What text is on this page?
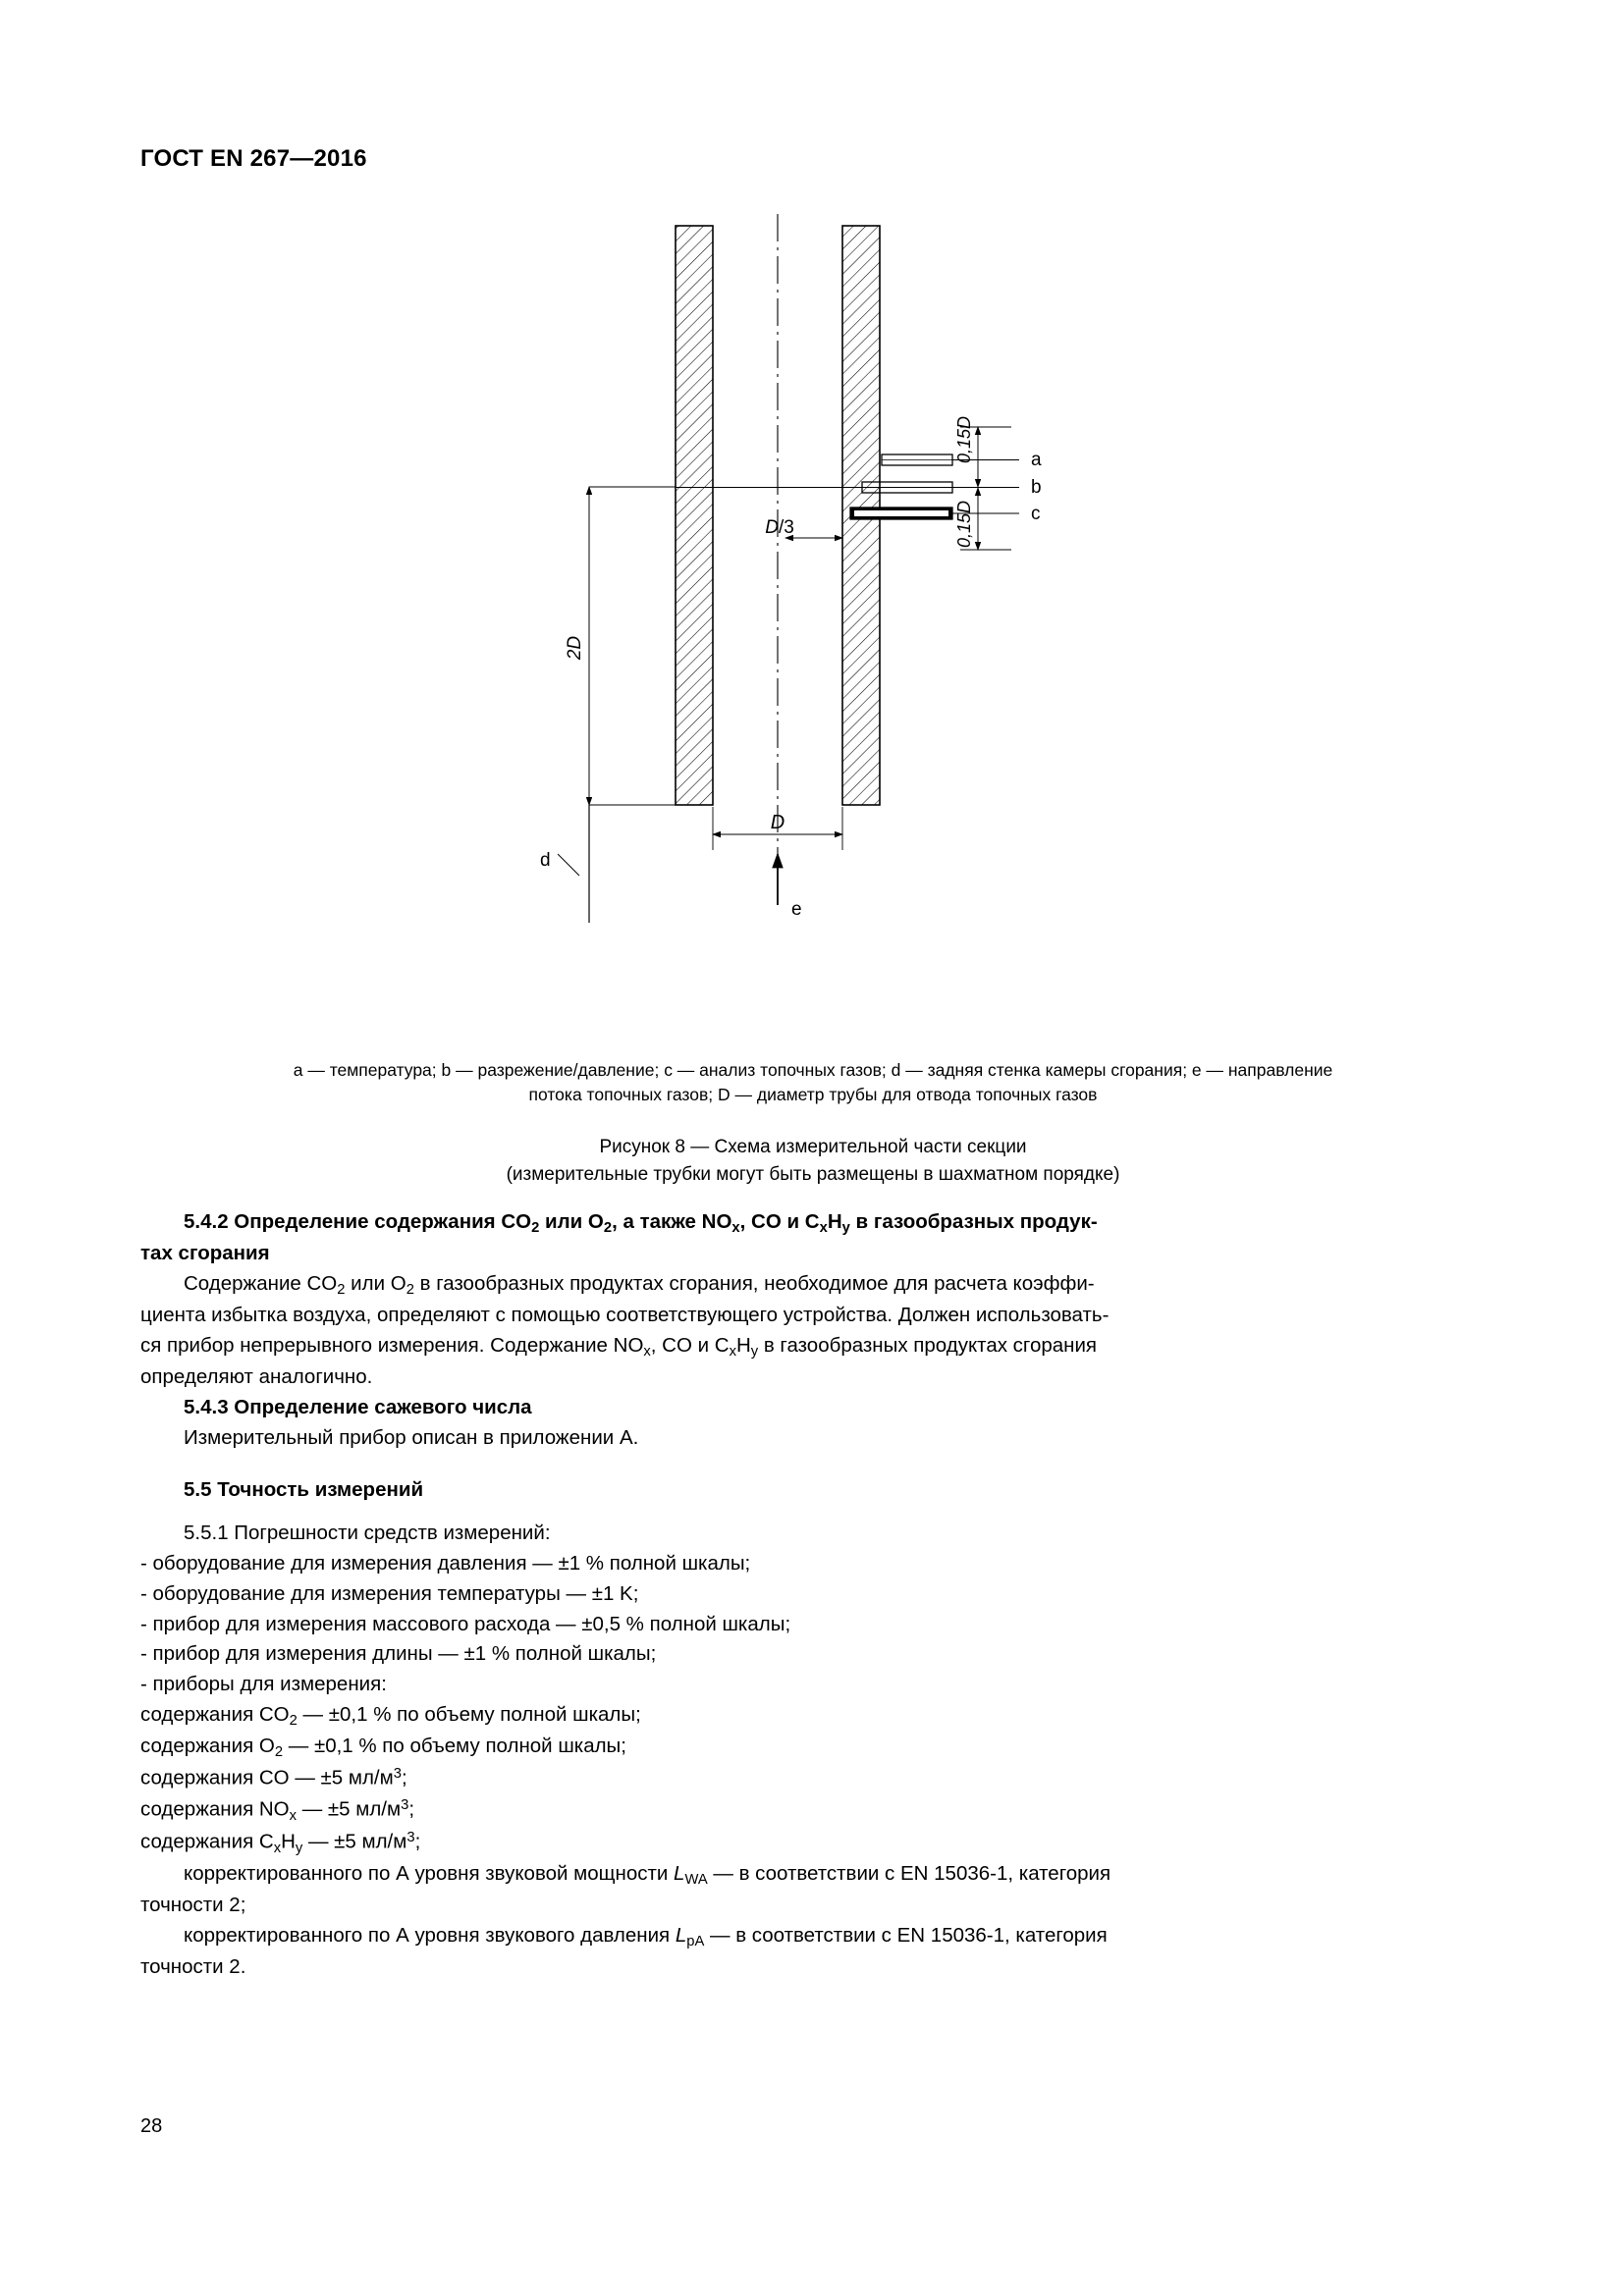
ГОСТ EN 267—2016
a
b
c
0,15D
0,15D
D/3
2D
D
d
e
a — температура; b — разрежение/давление; c — анализ топочных газов; d — задняя стенка камеры сгорания; e — направление
потока топочных газов; D — диаметр трубы для отвода топочных газов
Рисунок 8 — Схема измерительной части секции
(измерительные трубки могут быть размещены в шахматном порядке)
5.4.2 Определение содержания $CO_2$ или $O_2$, а также $NO_x$, CO и $C_xH_y$ в газообразных продук-
тах сгорания
Содержание $CO_2$ или $O_2$ в газообразных продуктах сгорания, необходимое для расчета коэффи-
циента избытка воздуха, определяют с помощью соответствующего устройства. Должен использовать-
ся прибор непрерывного измерения. Содержание $NO_x$, CO и $C_xH_y$ в газообразных продуктах сгорания
определяют аналогично.
5.4.3 Определение сажевого числа
Измерительный прибор описан в приложении А.
5.5 Точность измерений
5.5.1 Погрешности средств измерений:
- оборудование для измерения давления — ±1 % полной шкалы;
- оборудование для измерения температуры — ±1 K;
- прибор для измерения массового расхода — ±0,5 % полной шкалы;
- прибор для измерения длины — ±1 % полной шкалы;
- приборы для измерения:
содержания $CO_2$ — ±0,1 % по объему полной шкалы;
содержания $O_2$ — ±0,1 % по объему полной шкалы;
содержания CO — ±5 $мл/м^3$;
содержания $NO_x$ — ±5 $мл/м^3$;
содержания $C_xH_y$ — ±5 $мл/м^3$;
корректированного по А уровня звуковой мощности $L_{WA}$ — в соответствии с EN 15036-1, категория
точности 2;
корректированного по А уровня звукового давления $L_{pA}$ — в соответствии с EN 15036-1, категория
точности 2.
28
